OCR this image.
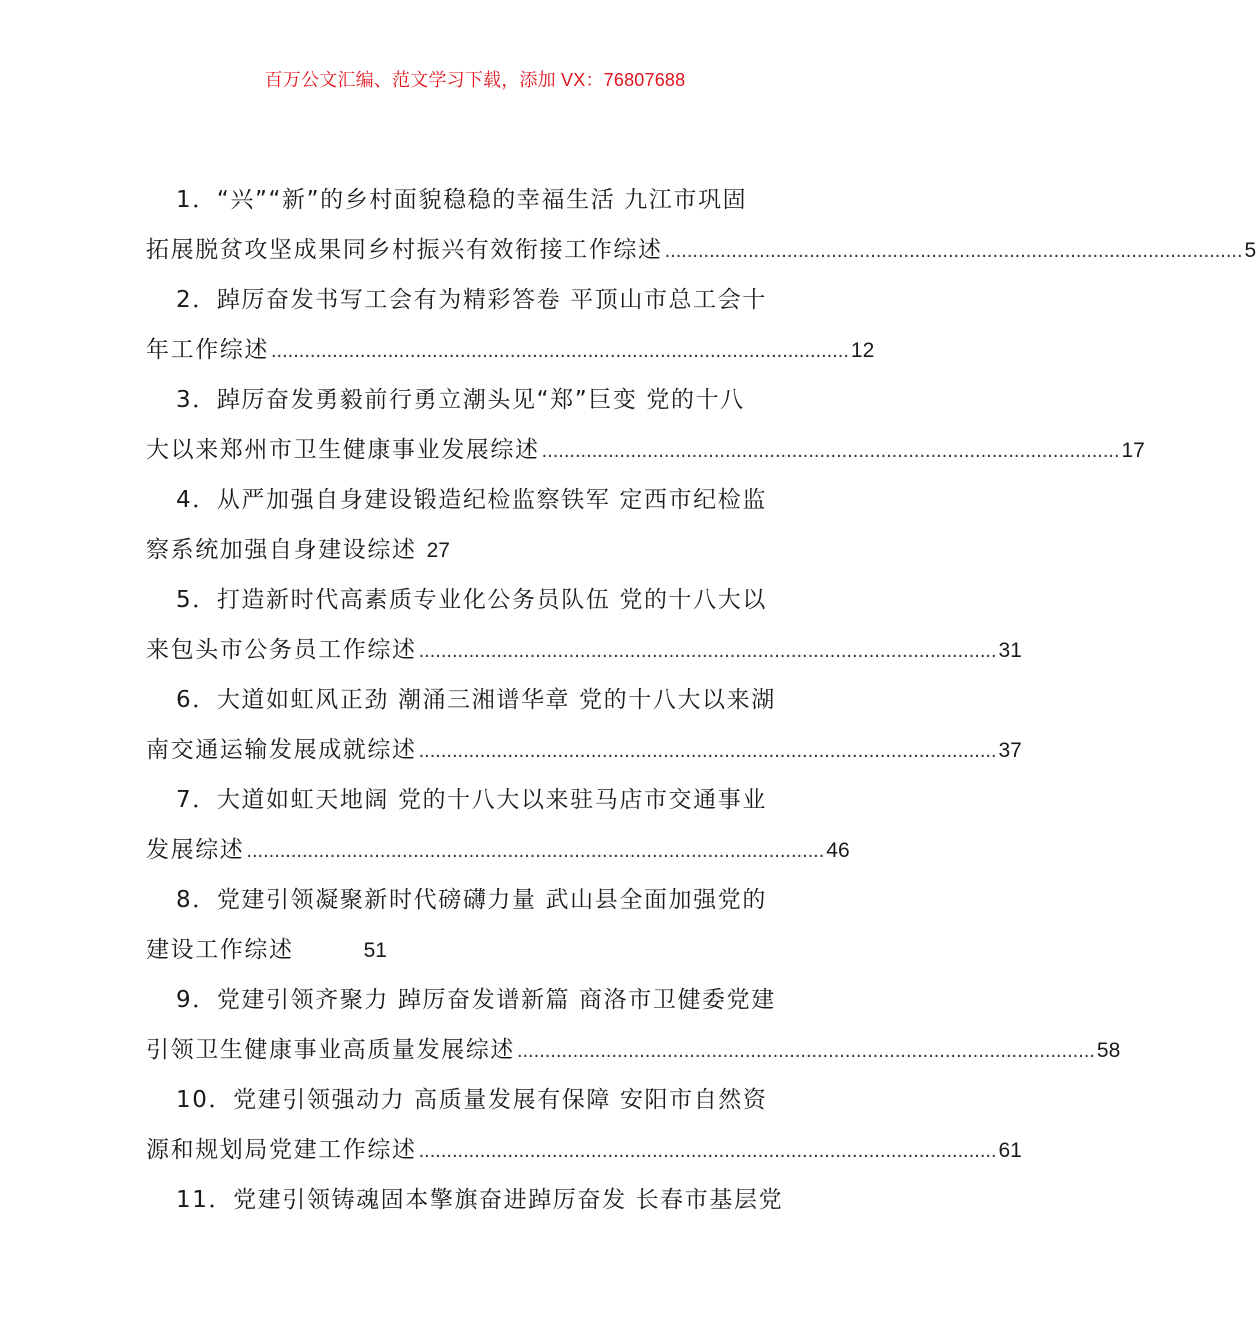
百万公文汇编、范文学习下载，添加 VX：76807688
1．“兴”“新”的乡村面貌稳稳的幸福生活 九江市巩固
拓展脱贫攻坚成果同乡村振兴有效衔接工作综述 ........................................................................................................ 5
2．踔厉奋发书写工会有为精彩答卷 平顶山市总工会十
年工作综述 ........................................................................................................ 12
3．踔厉奋发勇毅前行勇立潮头见“郑”巨变 党的十八
大以来郑州市卫生健康事业发展综述 ........................................................................................................ 17
4．从严加强自身建设锻造纪检监察铁军 定西市纪检监
察系统加强自身建设综述 27
5．打造新时代高素质专业化公务员队伍 党的十八大以
来包头市公务员工作综述 ........................................................................................................ 31
6．大道如虹风正劲 潮涌三湘谱华章 党的十八大以来湖
南交通运输发展成就综述 ........................................................................................................ 37
7．大道如虹天地阔 党的十八大以来驻马店市交通事业
发展综述 ........................................................................................................ 46
8．党建引领凝聚新时代磅礴力量 武山县全面加强党的
建设工作综述	51
9．党建引领齐聚力 踔厉奋发谱新篇 商洛市卫健委党建
引领卫生健康事业高质量发展综述 ........................................................................................................ 58
10．党建引领强动力 高质量发展有保障 安阳市自然资
源和规划局党建工作综述 ........................................................................................................ 61
11．党建引领铸魂固本擎旗奋进踔厉奋发 长春市基层党
